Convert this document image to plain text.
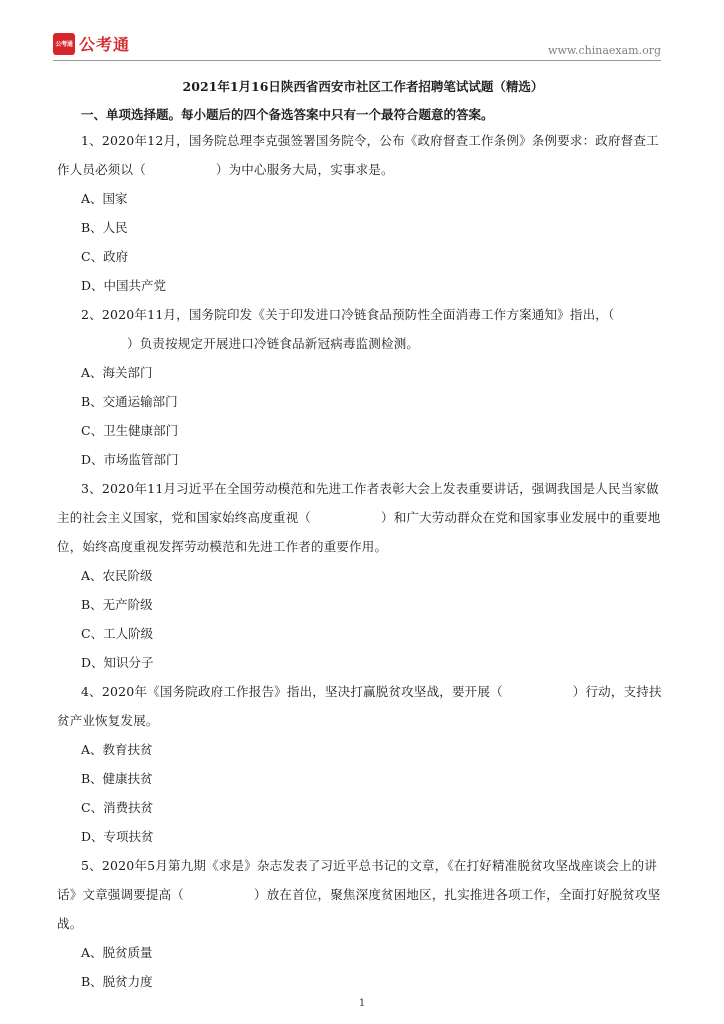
公考通 公考通	www.chinaexam.org

2021年1月16日陕西省西安市社区工作者招聘笔试试题（精选）

一、单项选择题。每小题后的四个备选答案中只有一个最符合题意的答案。

1、2020年12月，国务院总理李克强签署国务院令，公布《政府督查工作条例》条例要求：政府督查工作人员必须以（	）为中心服务大局，实事求是。

A、国家

B、人民

C、政府

D、中国共产党

2、2020年11月，国务院印发《关于印发进口冷链食品预防性全面消毒工作方案通知》指出，（）负责按规定开展进口冷链食品新冠病毒监测检测。

A、海关部门

B、交通运输部门

C、卫生健康部门

D、市场监管部门

3、2020年11月习近平在全国劳动模范和先进工作者表彰大会上发表重要讲话，强调我国是人民当家做主的社会主义国家，党和国家始终高度重视（	）和广大劳动群众在党和国家事业发展中的重要地位，始终高度重视发挥劳动模范和先进工作者的重要作用。

A、农民阶级

B、无产阶级

C、工人阶级

D、知识分子

4、2020年《国务院政府工作报告》指出，坚决打赢脱贫攻坚战，要开展（	）行动，支持扶贫产业恢复发展。

A、教育扶贫

B、健康扶贫

C、消费扶贫

D、专项扶贫

5、2020年5月第九期《求是》杂志发表了习近平总书记的文章，《在打好精准脱贫攻坚战座谈会上的讲话》文章强调要提高（	）放在首位，聚焦深度贫困地区，扎实推进各项工作，全面打好脱贫攻坚战。

A、脱贫质量

B、脱贫力度

1
